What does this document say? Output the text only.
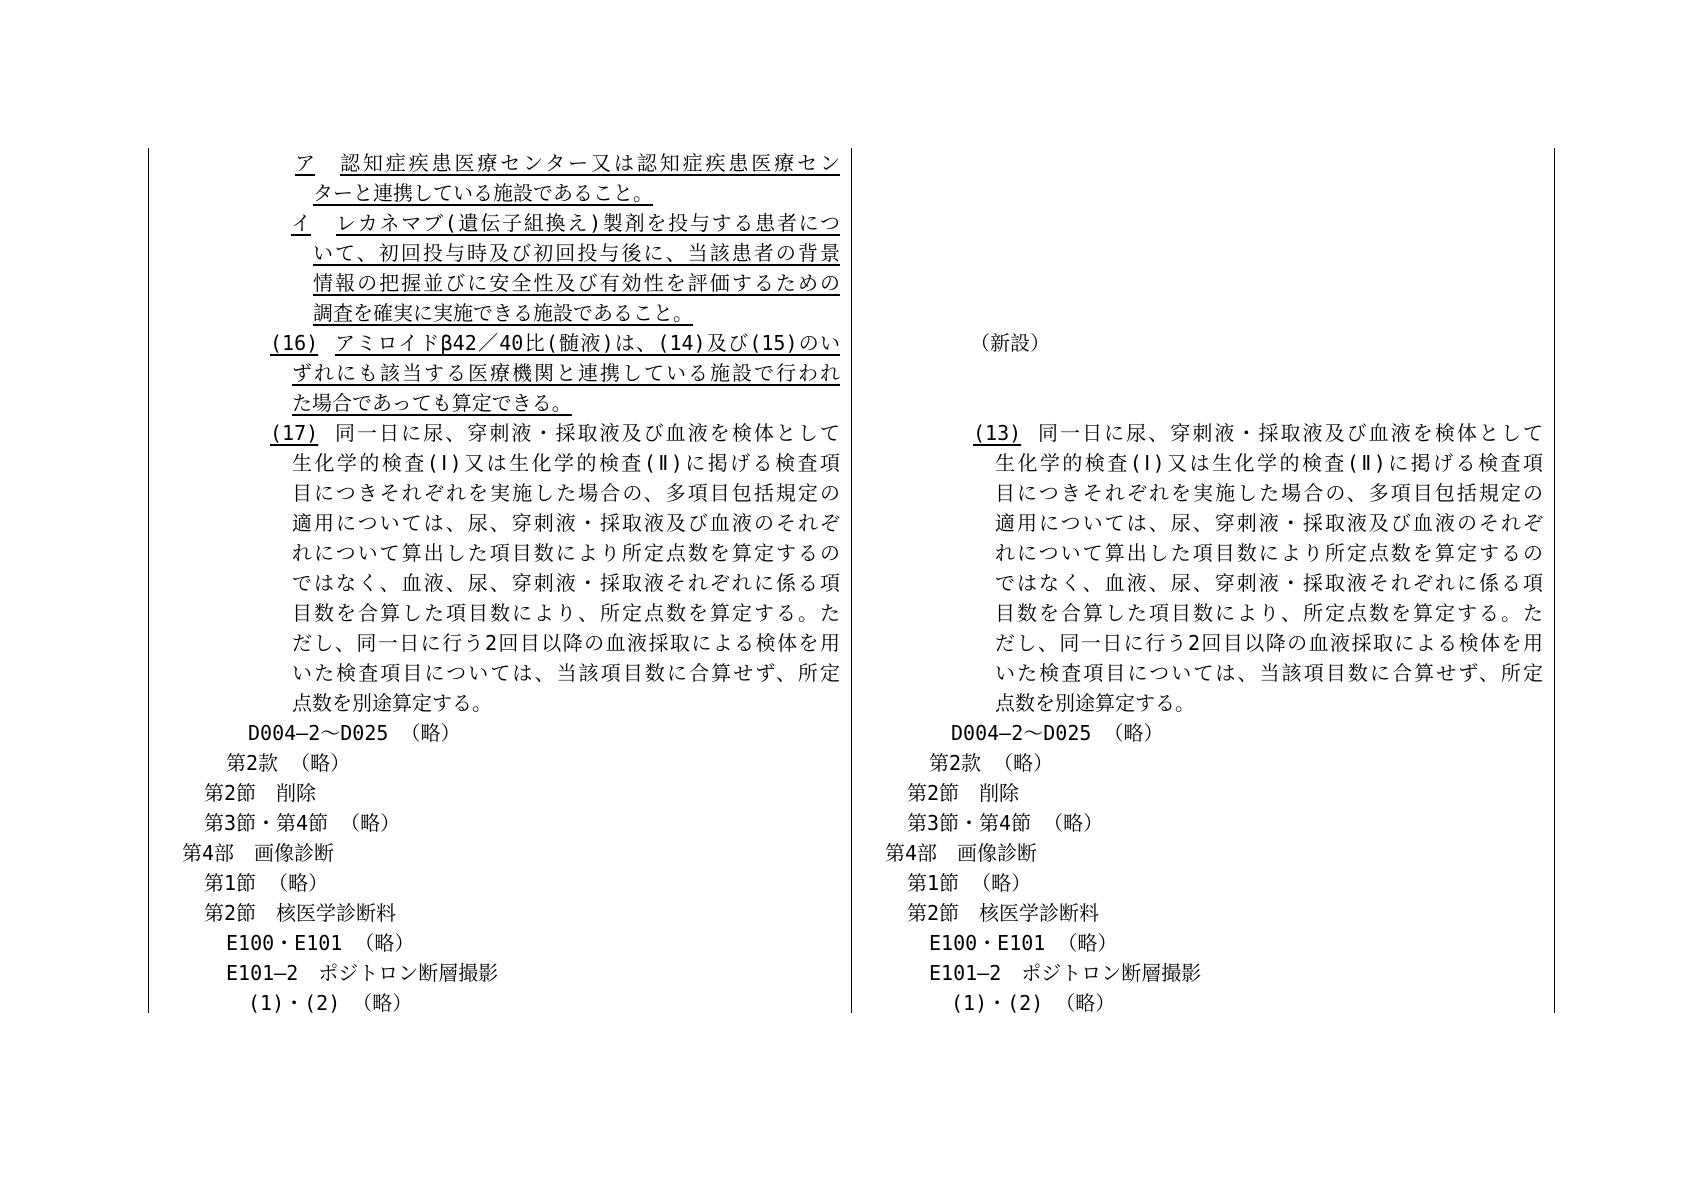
ア 認知症疾患医療センター又は認知症疾患医療セン
ターと連携している施設であること。
イ レカネマブ(遺伝子組換え)製剤を投与する患者につ
いて、初回投与時及び初回投与後に、当該患者の背景
情報の把握並びに安全性及び有効性を評価するための
調査を確実に実施できる施設であること。
(16) アミロイドβ42／40比(髄液)は、(14)及び(15)のい
ずれにも該当する医療機関と連携している施設で行われ
た場合であっても算定できる。
(17) 同一日に尿、穿刺液・採取液及び血液を検体として
生化学的検査(Ⅰ)又は生化学的検査(Ⅱ)に掲げる検査項
目につきそれぞれを実施した場合の、多項目包括規定の
適用については、尿、穿刺液・採取液及び血液のそれぞ
れについて算出した項目数により所定点数を算定するの
ではなく、血液、尿、穿刺液・採取液それぞれに係る項
目数を合算した項目数により、所定点数を算定する。た
だし、同一日に行う2回目以降の血液採取による検体を用
いた検査項目については、当該項目数に合算せず、所定
点数を別途算定する。
D004―2～D025 （略）
第2款 （略）
第2節　削除
第3節・第4節 （略）
第4部　画像診断
第1節 （略）
第2節　核医学診断料
E100・E101 （略）
E101―2　ポジトロン断層撮影
(1)・(2) （略）
（新設）
(13) 同一日に尿、穿刺液・採取液及び血液を検体として
生化学的検査(Ⅰ)又は生化学的検査(Ⅱ)に掲げる検査項
目につきそれぞれを実施した場合の、多項目包括規定の
適用については、尿、穿刺液・採取液及び血液のそれぞ
れについて算出した項目数により所定点数を算定するの
ではなく、血液、尿、穿刺液・採取液それぞれに係る項
目数を合算した項目数により、所定点数を算定する。た
だし、同一日に行う2回目以降の血液採取による検体を用
いた検査項目については、当該項目数に合算せず、所定
点数を別途算定する。
D004―2～D025 （略）
第2款 （略）
第2節　削除
第3節・第4節 （略）
第4部　画像診断
第1節 （略）
第2節　核医学診断料
E100・E101 （略）
E101―2　ポジトロン断層撮影
(1)・(2) （略）
